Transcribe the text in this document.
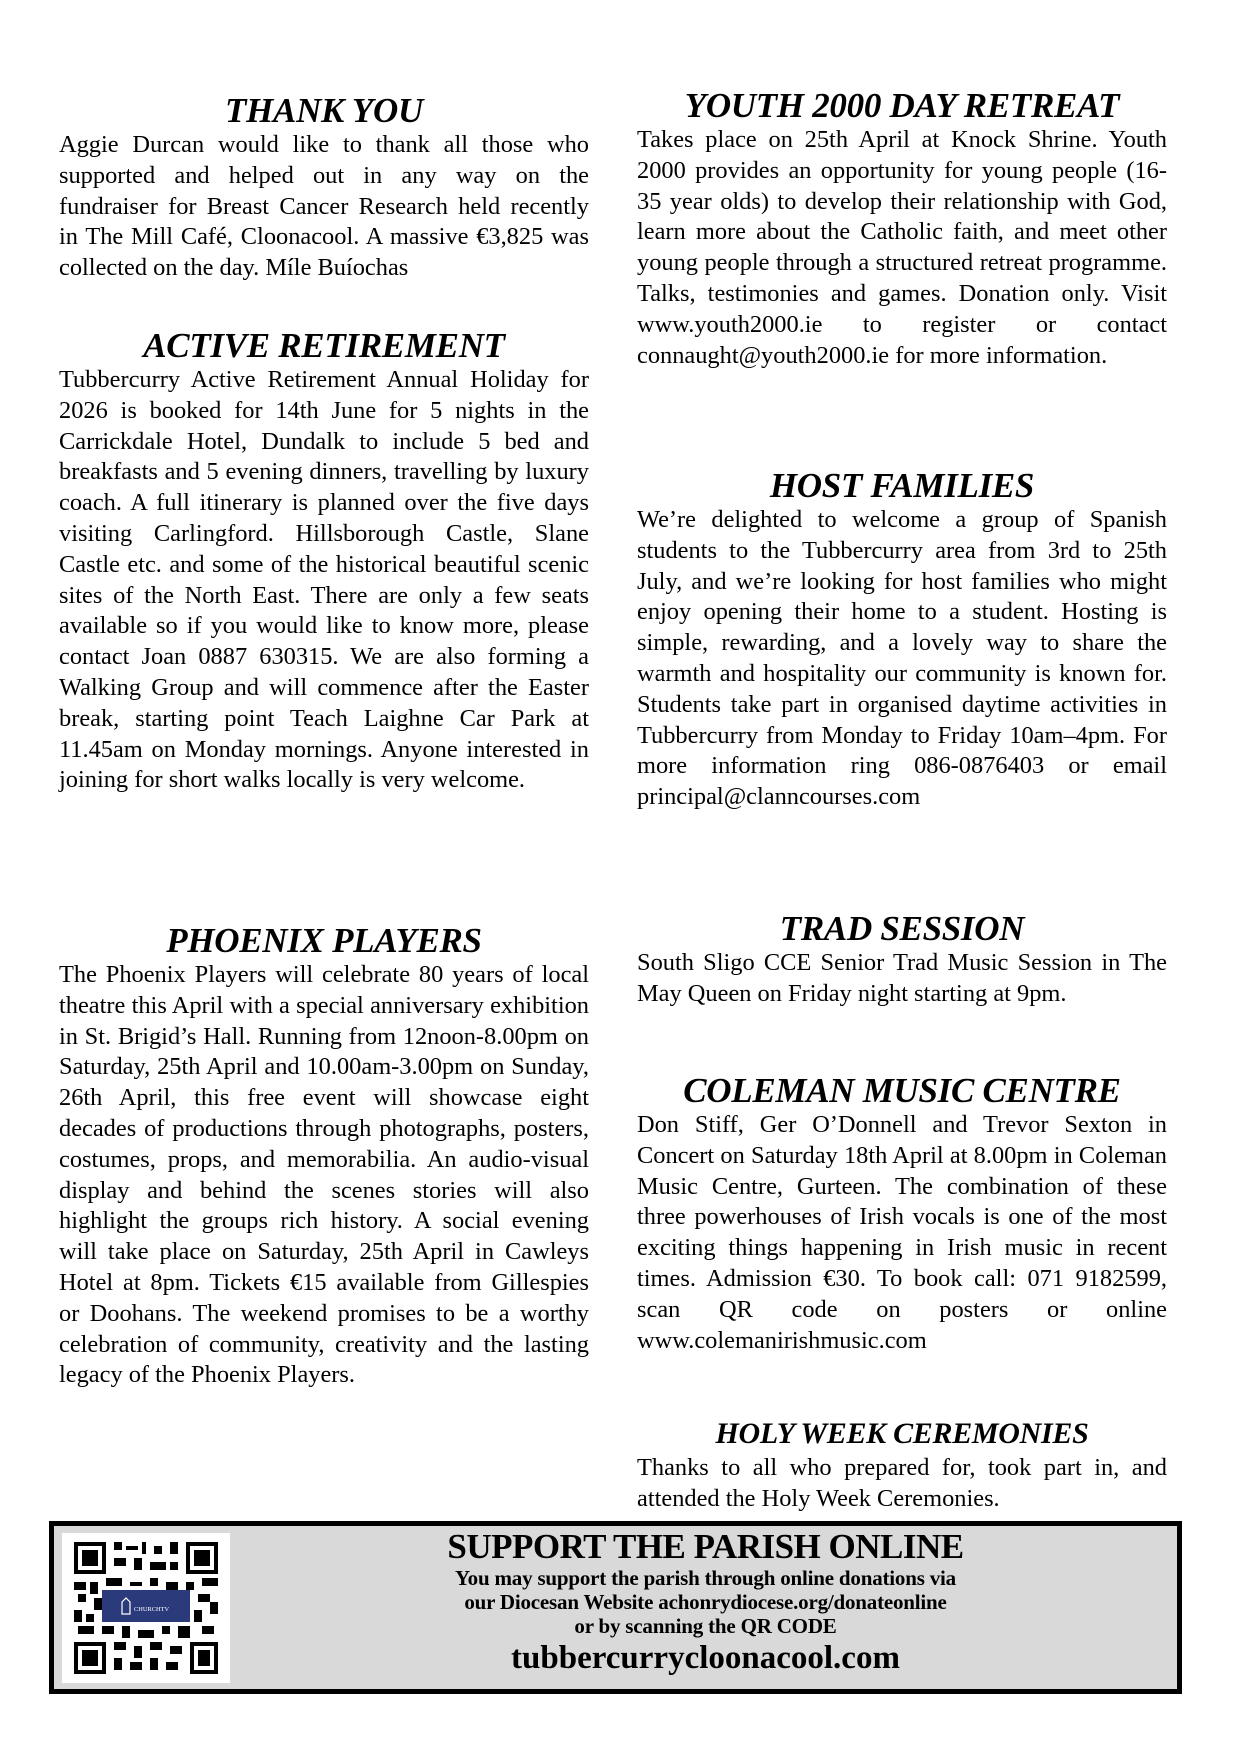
THANK YOU

Aggie Durcan would like to thank all those who supported and helped out in any way on the fundraiser for Breast Cancer Research held recently in The Mill Café, Cloonacool. A massive €3,825 was collected on the day. Míle Buíochas

ACTIVE RETIREMENT

Tubbercurry Active Retirement Annual Holiday for 2026 is booked for 14th June for 5 nights in the Carrickdale Hotel, Dundalk to include 5 bed and breakfasts and 5 evening dinners, travelling by luxury coach. A full itinerary is planned over the five days visiting Carlingford. Hillsborough Castle, Slane Castle etc. and some of the historical beautiful scenic sites of the North East. There are only a few seats available so if you would like to know more, please contact Joan 0887 630315. We are also forming a Walking Group and will commence after the Easter break, starting point Teach Laighne Car Park at 11.45am on Monday mornings. Anyone interested in joining for short walks locally is very welcome.

PHOENIX PLAYERS

The Phoenix Players will celebrate 80 years of local theatre this April with a special anniversary exhibition in St. Brigid’s Hall. Running from 12noon-8.00pm on Saturday, 25th April and 10.00am-3.00pm on Sunday, 26th April, this free event will showcase eight decades of productions through photographs, posters, costumes, props, and memorabilia. An audio-visual display and behind the scenes stories will also highlight the groups rich history. A social evening will take place on Saturday, 25th April in Cawleys Hotel at 8pm. Tickets €15 available from Gillespies or Doohans. The weekend promises to be a worthy celebration of community, creativity and the lasting legacy of the Phoenix Players.

YOUTH 2000 DAY RETREAT

Takes place on 25th April at Knock Shrine. Youth 2000 provides an opportunity for young people (16-35 year olds) to develop their relationship with God, learn more about the Catholic faith, and meet other young people through a structured retreat programme. Talks, testimonies and games. Donation only. Visit www.youth2000.ie to register or contact connaught@youth2000.ie for more information.

HOST FAMILIES

We’re delighted to welcome a group of Spanish students to the Tubbercurry area from 3rd to 25th July, and we’re looking for host families who might enjoy opening their home to a student. Hosting is simple, rewarding, and a lovely way to share the warmth and hospitality our community is known for. Students take part in organised daytime activities in Tubbercurry from Monday to Friday 10am–4pm. For more information ring 086-0876403 or email principal@clanncourses.com

TRAD SESSION

South Sligo CCE Senior Trad Music Session in The May Queen on Friday night starting at 9pm.

COLEMAN MUSIC CENTRE

Don Stiff, Ger O’Donnell and Trevor Sexton in Concert on Saturday 18th April at 8.00pm in Coleman Music Centre, Gurteen. The combination of these three powerhouses of Irish vocals is one of the most exciting things happening in Irish music in recent times. Admission €30. To book call: 071 9182599, scan QR code on posters or online www.colemanirishmusic.com

HOLY WEEK CEREMONIES

Thanks to all who prepared for, took part in, and attended the Holy Week Ceremonies.

CHURCHTV
SUPPORT THE PARISH ONLINE
You may support the parish through online donations via
our Diocesan Website achonrydiocese.org/donateonline
or by scanning the QR CODE
tubbercurrycloonacool.com
